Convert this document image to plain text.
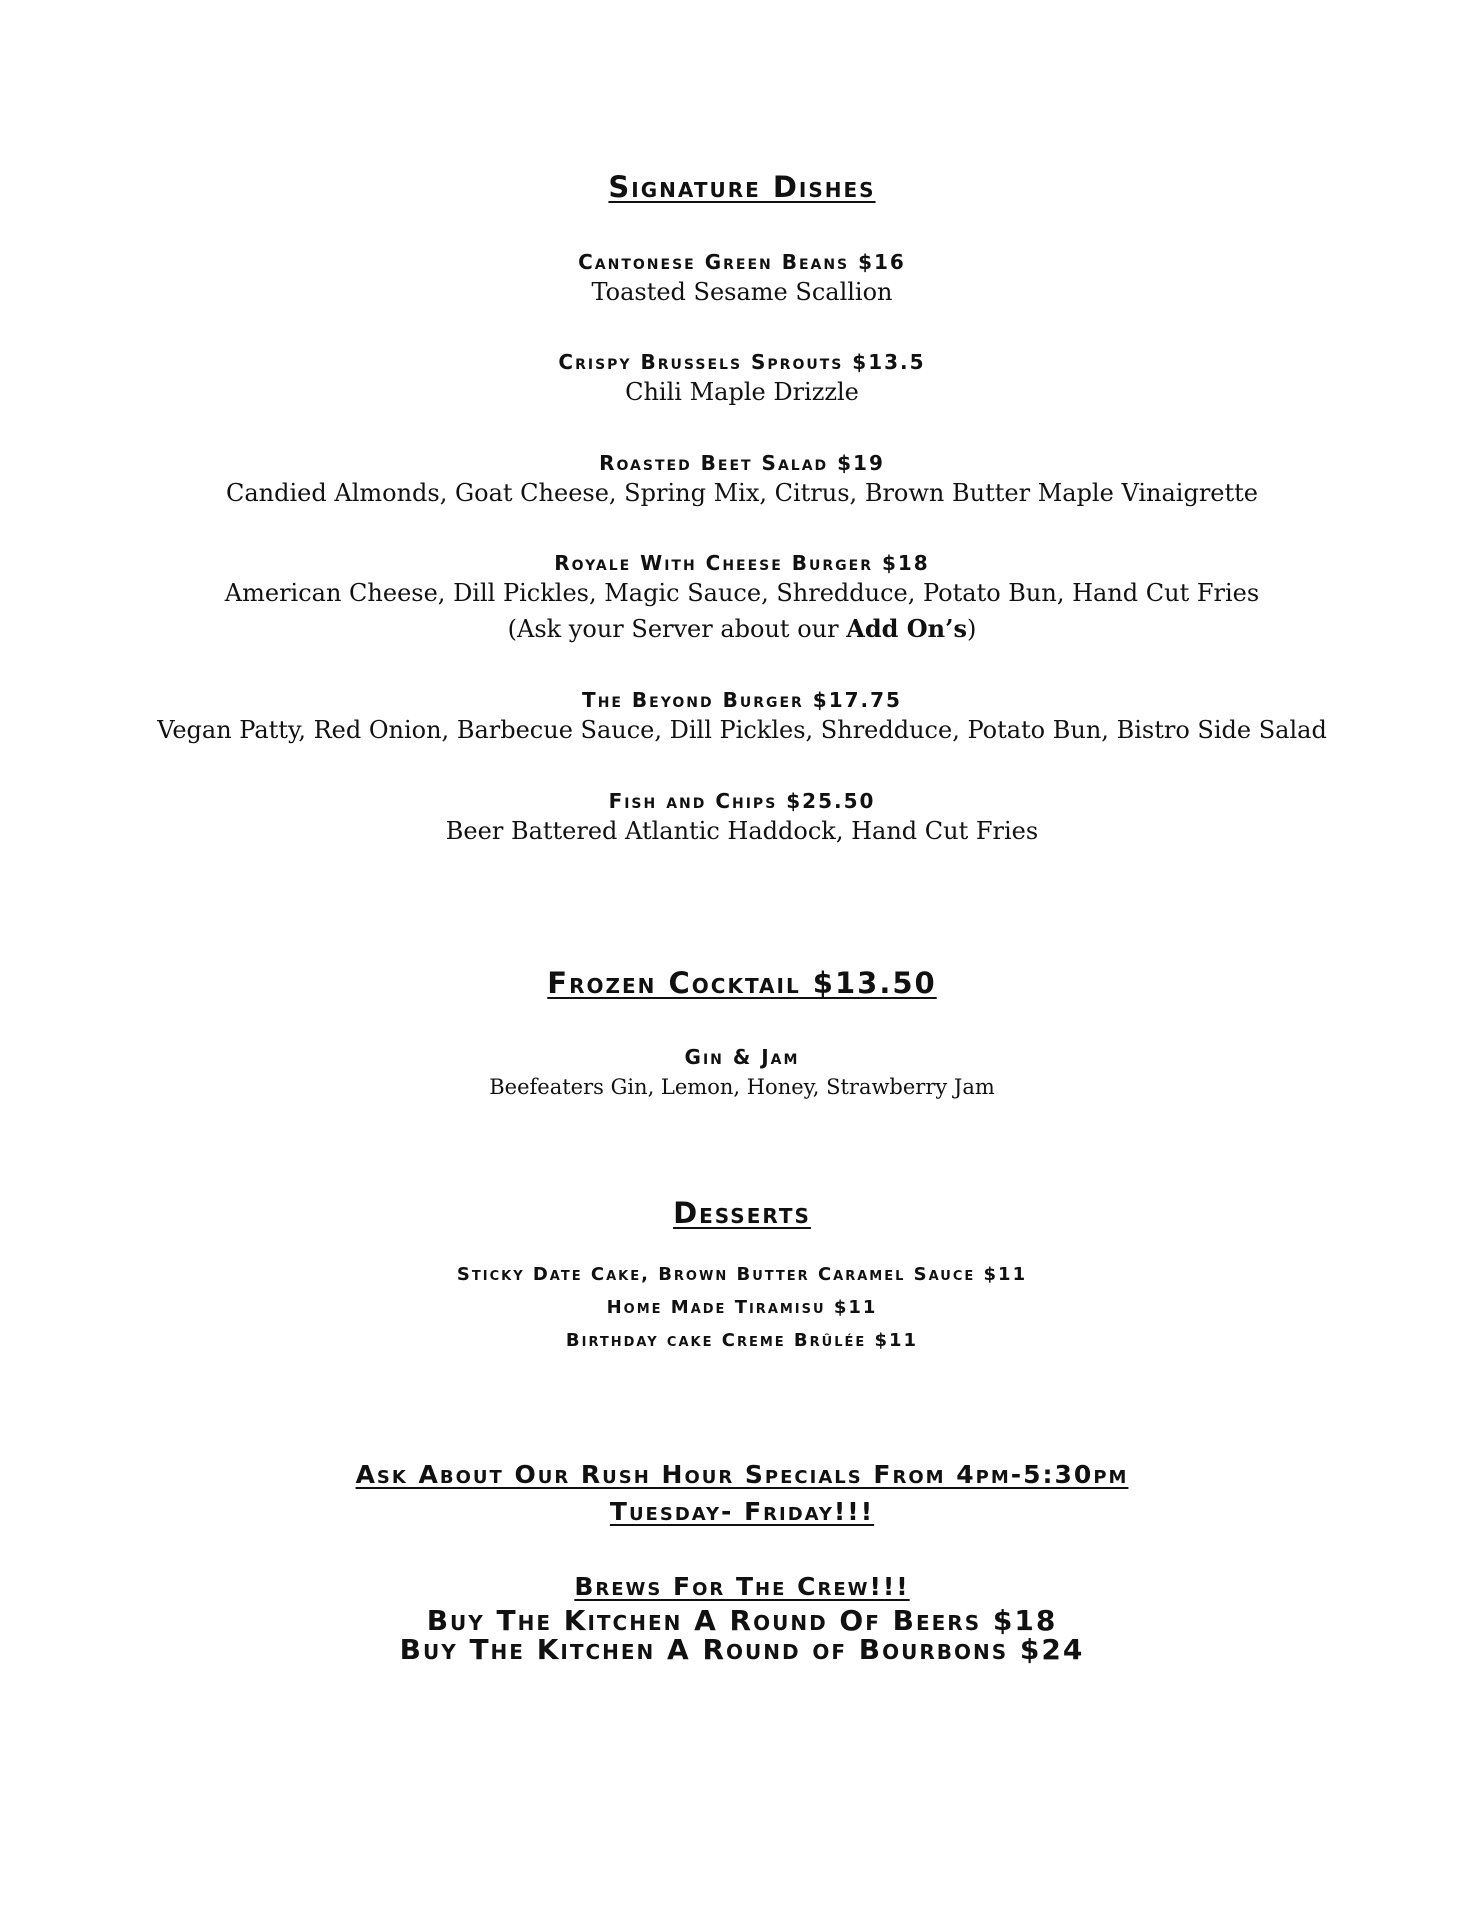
Signature Dishes

Cantonese Green Beans $16

Toasted Sesame Scallion

Crispy Brussels Sprouts $13.5

Chili Maple Drizzle

Roasted Beet Salad $19

Candied Almonds, Goat Cheese, Spring Mix, Citrus, Brown Butter Maple Vinaigrette

Royale With Cheese Burger $18

American Cheese, Dill Pickles, Magic Sauce, Shredduce, Potato Bun, Hand Cut Fries

(Ask your Server about our Add On’s)

The Beyond Burger $17.75

Vegan Patty, Red Onion, Barbecue Sauce, Dill Pickles, Shredduce, Potato Bun, Bistro Side Salad

Fish and Chips $25.50

Beer Battered Atlantic Haddock, Hand Cut Fries

Frozen Cocktail $13.50

Gin & Jam

Beefeaters Gin, Lemon, Honey, Strawberry Jam

Desserts

Sticky Date Cake, Brown Butter Caramel Sauce $11

Home Made Tiramisu $11

Birthday cake Creme Brûlée $11

Ask About Our Rush Hour Specials From 4pm-5:30pm

Tuesday- Friday!!!

Brews For The Crew!!!

Buy The Kitchen A Round Of Beers $18

Buy The Kitchen A Round of Bourbons $24
